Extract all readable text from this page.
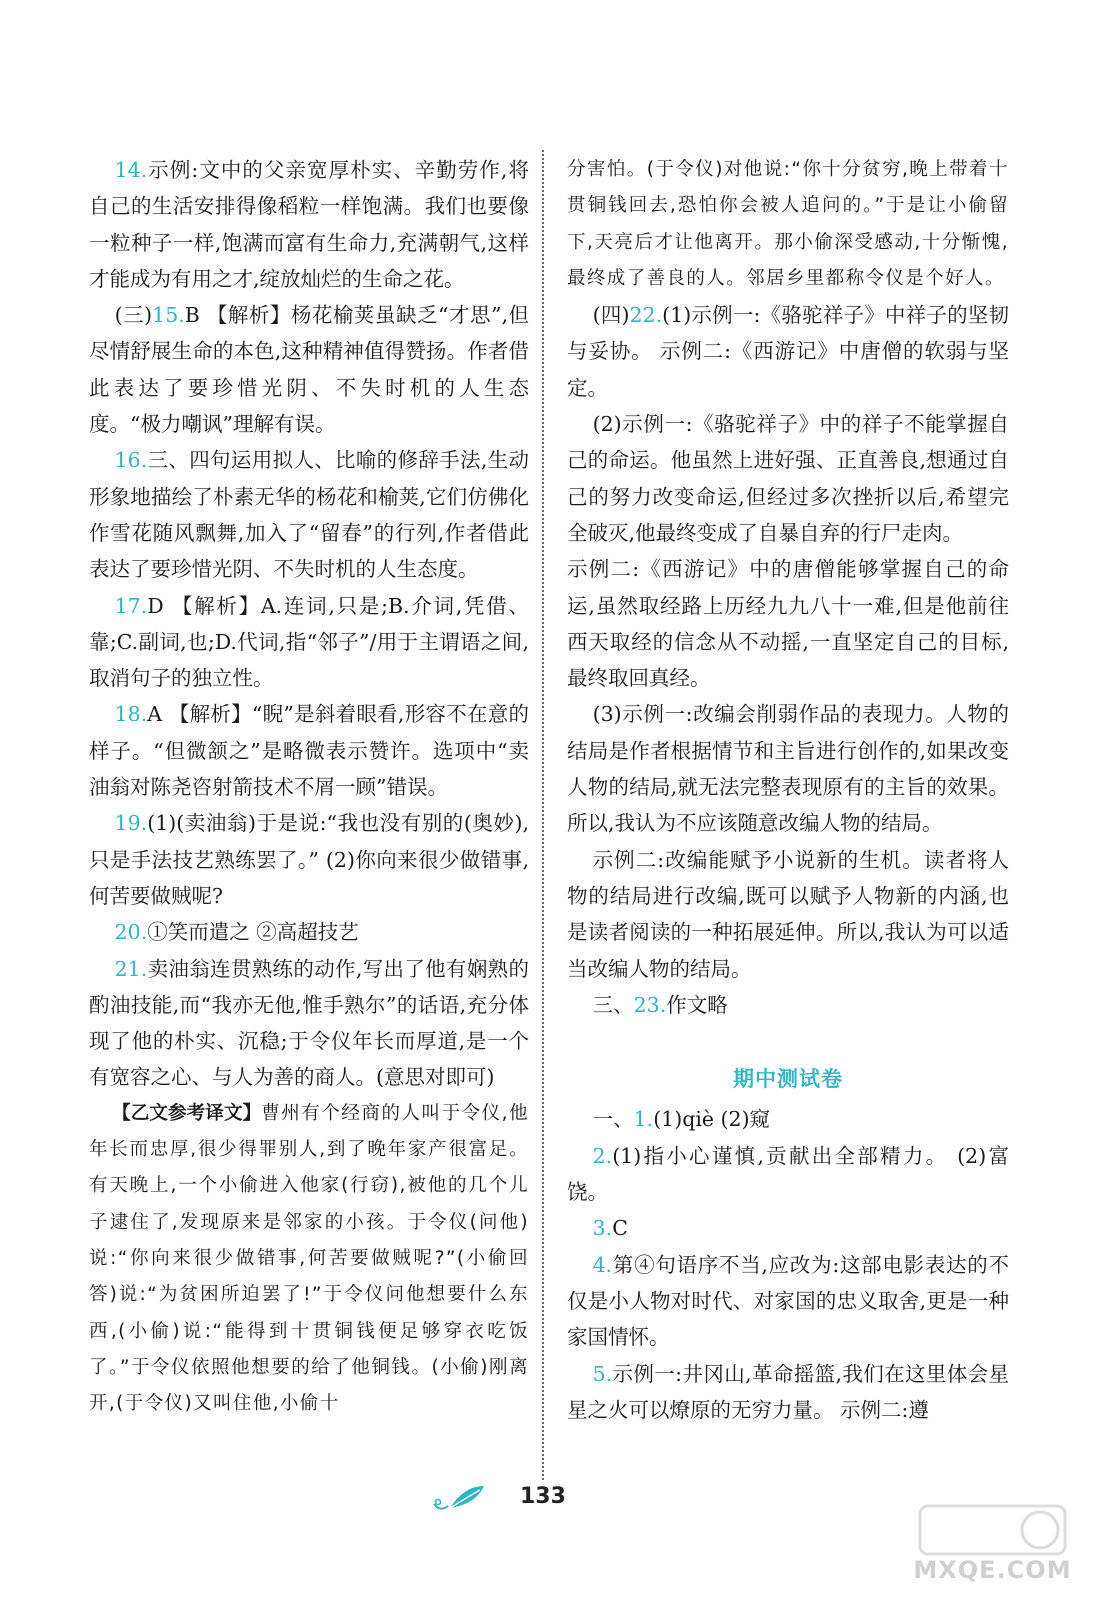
14.示例:文中的父亲宽厚朴实、辛勤劳作,将自己的生活安排得像稻粒一样饱满。我们也要像一粒种子一样,饱满而富有生命力,充满朝气,这样才能成为有用之才,绽放灿烂的生命之花。

(三)15.B 【解析】杨花榆荚虽缺乏“才思”,但尽情舒展生命的本色,这种精神值得赞扬。作者借此表达了要珍惜光阴、不失时机的人生态度。“极力嘲讽”理解有误。

16.三、四句运用拟人、比喻的修辞手法,生动形象地描绘了朴素无华的杨花和榆荚,它们仿佛化作雪花随风飘舞,加入了“留春”的行列,作者借此表达了要珍惜光阴、不失时机的人生态度。

17.D 【解析】A.连词,只是;B.介词,凭借、靠;C.副词,也;D.代词,指“邻子”/用于主谓语之间,取消句子的独立性。

18.A 【解析】“睨”是斜着眼看,形容不在意的样子。“但微颔之”是略微表示赞许。选项中“卖油翁对陈尧咨射箭技术不屑一顾”错误。

19.(1)(卖油翁)于是说:“我也没有别的(奥妙),只是手法技艺熟练罢了。” (2)你向来很少做错事,何苦要做贼呢?

20.①笑而遣之 ②高超技艺

21.卖油翁连贯熟练的动作,写出了他有娴熟的酌油技能,而“我亦无他,惟手熟尔”的话语,充分体现了他的朴实、沉稳;于令仪年长而厚道,是一个有宽容之心、与人为善的商人。(意思对即可)

【乙文参考译文】曹州有个经商的人叫于令仪,他年长而忠厚,很少得罪别人,到了晚年家产很富足。有天晚上,一个小偷进入他家(行窃),被他的几个儿子逮住了,发现原来是邻家的小孩。于令仪(问他)说:“你向来很少做错事,何苦要做贼呢?”(小偷回答)说:“为贫困所迫罢了!”于令仪问他想要什么东西,(小偷)说:“能得到十贯铜钱便足够穿衣吃饭了。”于令仪依照他想要的给了他铜钱。(小偷)刚离开,(于令仪)又叫住他,小偷十

分害怕。(于令仪)对他说:“你十分贫穷,晚上带着十贯铜钱回去,恐怕你会被人追问的。”于是让小偷留下,天亮后才让他离开。那小偷深受感动,十分惭愧,最终成了善良的人。邻居乡里都称令仪是个好人。

(四)22.(1)示例一:《骆驼祥子》中祥子的坚韧与妥协。 示例二:《西游记》中唐僧的软弱与坚定。

(2)示例一:《骆驼祥子》中的祥子不能掌握自己的命运。他虽然上进好强、正直善良,想通过自己的努力改变命运,但经过多次挫折以后,希望完全破灭,他最终变成了自暴自弃的行尸走肉。

示例二:《西游记》中的唐僧能够掌握自己的命运,虽然取经路上历经九九八十一难,但是他前往西天取经的信念从不动摇,一直坚定自己的目标,最终取回真经。

(3)示例一:改编会削弱作品的表现力。人物的结局是作者根据情节和主旨进行创作的,如果改变人物的结局,就无法完整表现原有的主旨的效果。所以,我认为不应该随意改编人物的结局。

示例二:改编能赋予小说新的生机。读者将人物的结局进行改编,既可以赋予人物新的内涵,也是读者阅读的一种拓展延伸。所以,我认为可以适当改编人物的结局。

三、23.作文略

期中测试卷

一、1.(1)qiè (2)窥

2.(1)指小心谨慎,贡献出全部精力。 (2)富饶。

3.C

4.第④句语序不当,应改为:这部电影表达的不仅是小人物对时代、对家国的忠义取舍,更是一种家国情怀。

5.示例一:井冈山,革命摇篮,我们在这里体会星星之火可以燎原的无穷力量。 示例二:遵

133
MXQE.COM
